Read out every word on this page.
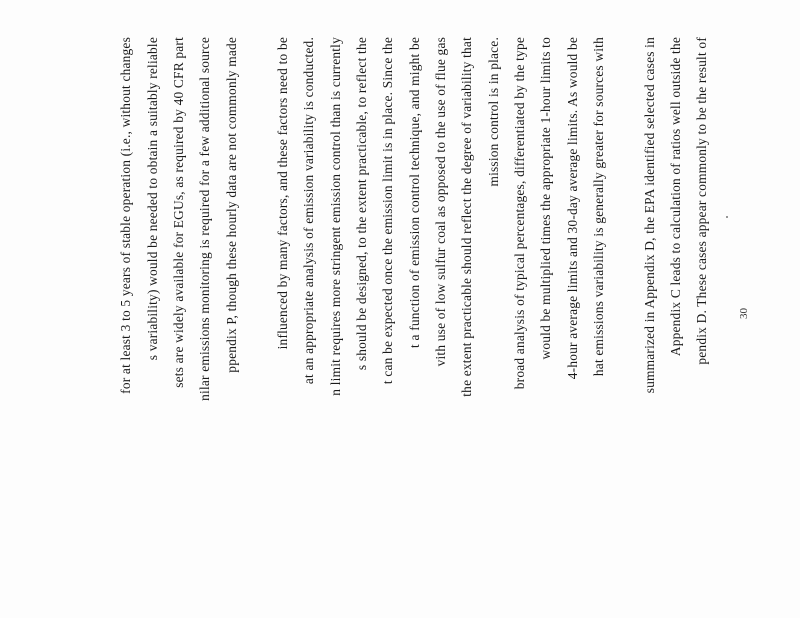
for at least 3 to 5 years of stable operation (i.e., without changes s variability) would be needed to obtain a suitably reliable sets are widely available for EGUs, as required by 40 CFR part nilar emissions monitoring is required for a few additional source ppendix P, though these hourly data are not commonly made	influenced by many factors, and these factors need to be at an appropriate analysis of emission variability is conducted. n limit requires more stringent emission control than is currently s should be designed, to the extent practicable, to reflect the t can be expected once the emission limit is in place. Since the t a function of emission control technique, and might be vith use of low sulfur coal as opposed to the use of flue gas the extent practicable should reflect the degree of variability that mission control is in place. broad analysis of typical percentages, differentiated by the type would be multiplied times the appropriate 1-hour limits to 4-hour average limits and 30-day average limits. As would be hat emissions variability is generally greater for sources with	summarized in Appendix D, the EPA identified selected cases in Appendix C leads to calculation of ratios well outside the pendix D. These cases appear commonly to be the result of	30
